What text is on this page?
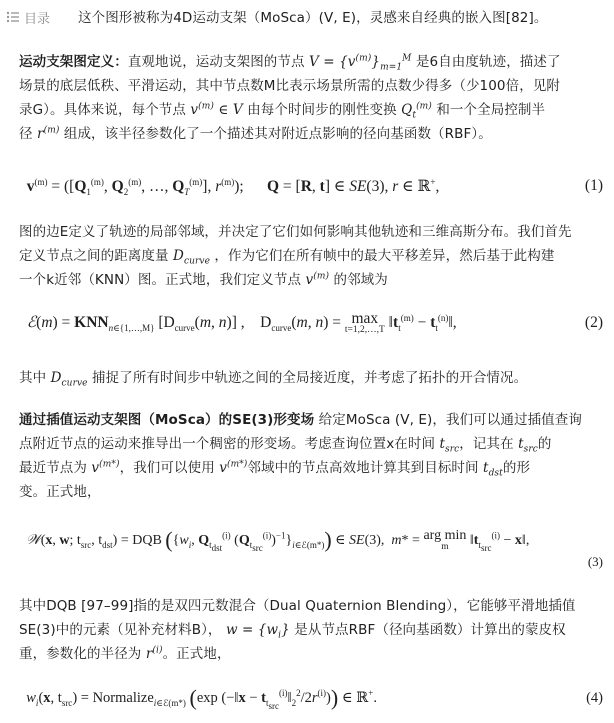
目录 这个图形被称为4D运动支架（MoSca）(V, E)，灵感来自经典的嵌入图[82]。
运动支架图定义：直观地说，运动支架图的节点 $V = \{v^{(m)}\}_{m=1}^M$ 是6自由度轨迹，描述了
场景的底层低秩、平滑运动，其中节点数M比表示场景所需的点数少得多（少100倍，见附
录G）。具体来说，每个节点 $v^{(m)}$ ∈ V 由每个时间步的刚性变换 $Q_t^{(m)}$ 和一个全局控制半
径 $r^{(m)}$ 组成，该半径参数化了一个描述其对附近点影响的径向基函数（RBF）。
$v^{(m)} = ([Q_1^{(m)}$, $Q_2^{(m)}$, …, $Q_T^{(m)}$], $r^{(m)}$);      Q = [R, t] ∈ SE(3), r ∈ ℝ+,	(1)
图的边E定义了轨迹的局部邻域，并决定了它们如何影响其他轨迹和三维高斯分布。我们首先
定义节点之间的距离度量 $D_{curve}$ ，作为它们在所有帧中的最大平移差异，然后基于此构建
一个k近邻（KNN）图。正式地，我们定义节点 $v^{(m)}$ 的邻域为
ℰ(m) = $KNN_{n\in\{1,\dots,M\}}$ [$D_{curve}(m$, n)] ,    $D_{curve}(m$, n) = max
t=1,2,…,T $‖t_t^{(m)}$ − $t_t^{(n)}‖$,	(2)
其中 $D_{curve}$ 捕捉了所有时间步中轨迹之间的全局接近度，并考虑了拓扑的开合情况。
通过插值运动支架图（MoSca）的SE(3)形变场 给定MoSca (V, E)，我们可以通过插值查询
点附近节点的运动来推导出一个稠密的形变场。考虑查询位置x在时间 $t_{src}$，记其在 $t_{src}$的
最近节点为 $v^{(m*)}$，我们可以使用 $v^{(m*)}$邻域中的节点高效地计算其到目标时间 $t_{dst}$的形
变。正式地，
𝒲(x, w; $t_{src}$, $t_{dst}$) = DQB ({$w_i$, $Q_{t_{dst}}^{(i)}$ $(Q_{t_{src}}^{(i)})^{-1}\}_{i\in ℰ(m*)}$) ∈ SE(3),  m* = arg min
m $‖t_{t_{src}}^{(i)}$ − x‖,
(3)
其中DQB [97–99]指的是双四元数混合（Dual Quaternion Blending），它能够平滑地插值
SE(3)中的元素（见补充材料B）， $w = \{w_i\}$ 是从节点RBF（径向基函数）计算出的蒙皮权
重，参数化的半径为 $r^{(i)}$。正式地，
$w_i(x$, $t_{src}$) = Normalize$_{i\in ℰ(m*)}$ (exp (−‖x − $t_{t_{src}}^{(i)}‖_2^2/2r^{(i)}$)) ∈ ℝ+.	(4)
